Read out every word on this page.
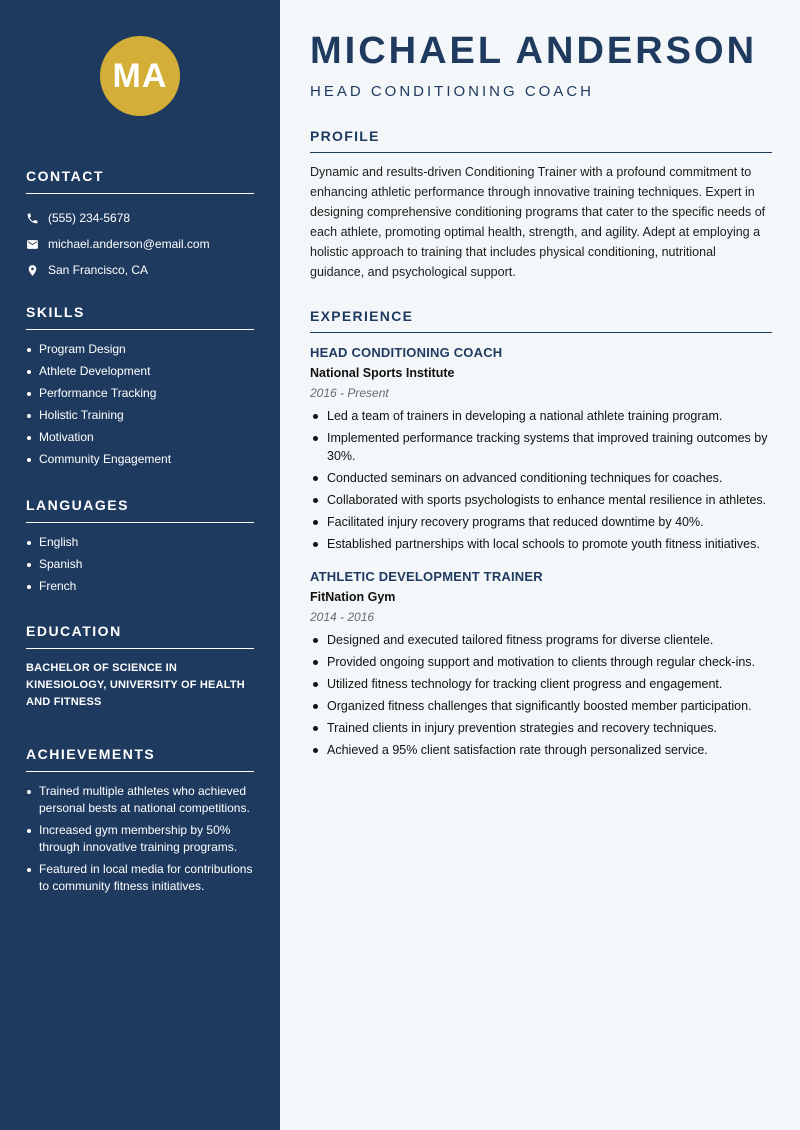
MA
CONTACT
(555) 234-5678
michael.anderson@email.com
San Francisco, CA
SKILLS
Program Design
Athlete Development
Performance Tracking
Holistic Training
Motivation
Community Engagement
LANGUAGES
English
Spanish
French
EDUCATION
BACHELOR OF SCIENCE IN KINESIOLOGY, UNIVERSITY OF HEALTH AND FITNESS
ACHIEVEMENTS
Trained multiple athletes who achieved personal bests at national competitions.
Increased gym membership by 50% through innovative training programs.
Featured in local media for contributions to community fitness initiatives.
MICHAEL ANDERSON
HEAD CONDITIONING COACH
PROFILE
Dynamic and results-driven Conditioning Trainer with a profound commitment to enhancing athletic performance through innovative training techniques. Expert in designing comprehensive conditioning programs that cater to the specific needs of each athlete, promoting optimal health, strength, and agility. Adept at employing a holistic approach to training that includes physical conditioning, nutritional guidance, and psychological support.
EXPERIENCE
HEAD CONDITIONING COACH
National Sports Institute
2016 - Present
Led a team of trainers in developing a national athlete training program.
Implemented performance tracking systems that improved training outcomes by 30%.
Conducted seminars on advanced conditioning techniques for coaches.
Collaborated with sports psychologists to enhance mental resilience in athletes.
Facilitated injury recovery programs that reduced downtime by 40%.
Established partnerships with local schools to promote youth fitness initiatives.
ATHLETIC DEVELOPMENT TRAINER
FitNation Gym
2014 - 2016
Designed and executed tailored fitness programs for diverse clientele.
Provided ongoing support and motivation to clients through regular check-ins.
Utilized fitness technology for tracking client progress and engagement.
Organized fitness challenges that significantly boosted member participation.
Trained clients in injury prevention strategies and recovery techniques.
Achieved a 95% client satisfaction rate through personalized service.
